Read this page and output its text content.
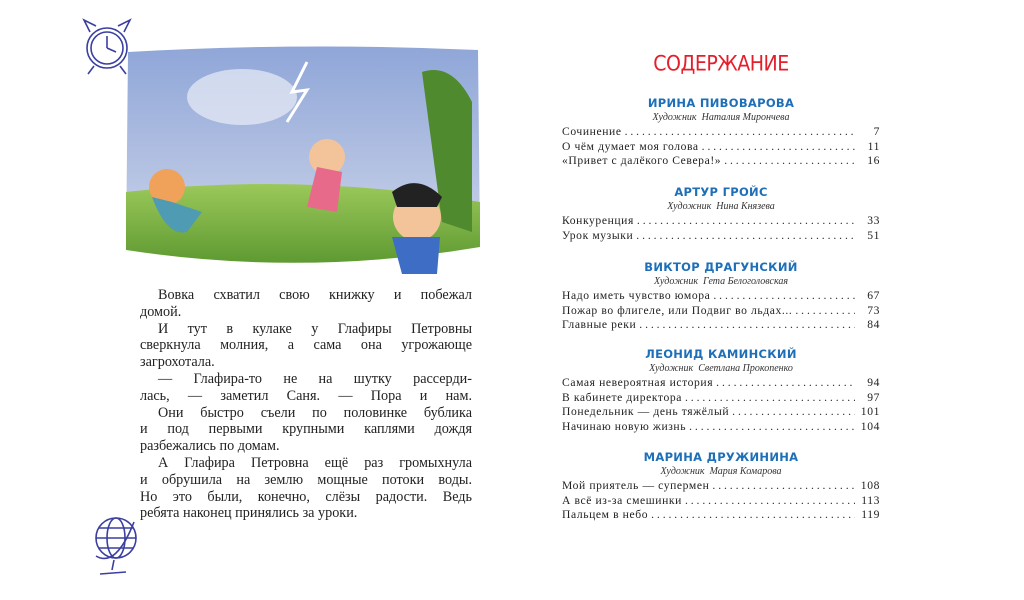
Вовка схватил свою книжку и побежал
домой.
И тут в кулаке у Глафиры Петровны
сверкнула молния, а сама она угрожающе
загрохотала.
— Глафира-то не на шутку рассерди-
лась, — заметил Саня. — Пора и нам.
Они быстро съели по половинке бублика
и под первыми крупными каплями дождя
разбежались по домам.
А Глафира Петровна ещё раз громыхнула
и обрушила на землю мощные потоки воды.
Но это были, конечно, слёзы радости. Ведь
ребята наконец принялись за уроки.
СОДЕРЖАНИЕ
ИРИНА ПИВОВАРОВА
Художник Наталия Мирончева
Сочинение . . .	7
О чём думает моя голова . . .	11
«Привет с далёкого Севера!» . . .	16
АРТУР ГРОЙС
Художник Нина Князева
Конкуренция . . .	33
Урок музыки . . .	51
ВИКТОР ДРАГУНСКИЙ
Художник Гета Белоголовская
Надо иметь чувство юмора . . .	67
Пожар во флигеле, или Подвиг во льдах... . . .	73
Главные реки . . .	84
ЛЕОНИД КАМИНСКИЙ
Художник Светлана Прокопенко
Самая невероятная история . . .	94
В кабинете директора . . .	97
Понедельник — день тяжёлый . . .	101
Начинаю новую жизнь . . .	104
МАРИНА ДРУЖИНИНА
Художник Мария Комарова
Мой приятель — супермен . . .	108
А всё из-за смешинки . . .	113
Пальцем в небо . . .	119
